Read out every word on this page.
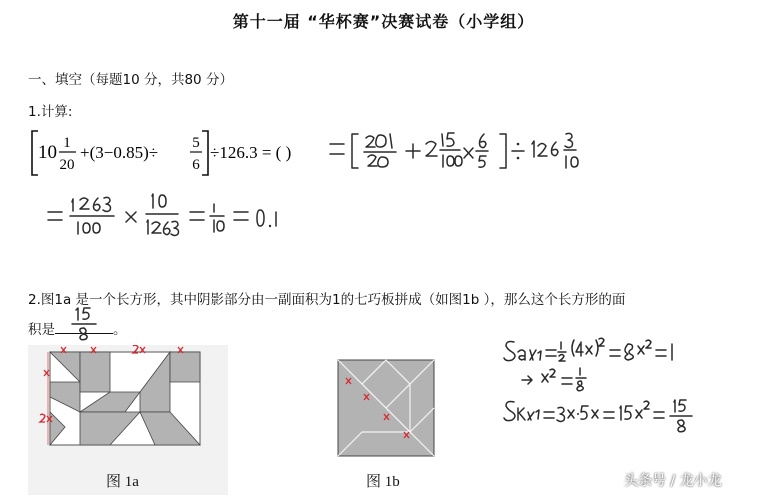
第十一届 “华杯赛”决赛试卷（小学组）
一、填空（每题10 分，共80 分）
1.计算:
10 1
20
+(3−0.85)÷ 5
6
÷126.3 = ( )
2.图1a 是一个长方形，其中阴影部分由一副面积为1的七巧板拼成（如图1b ），那么这个长方形的面
积是	。
图 1a	图 1b	头条号 / 龙小龙
